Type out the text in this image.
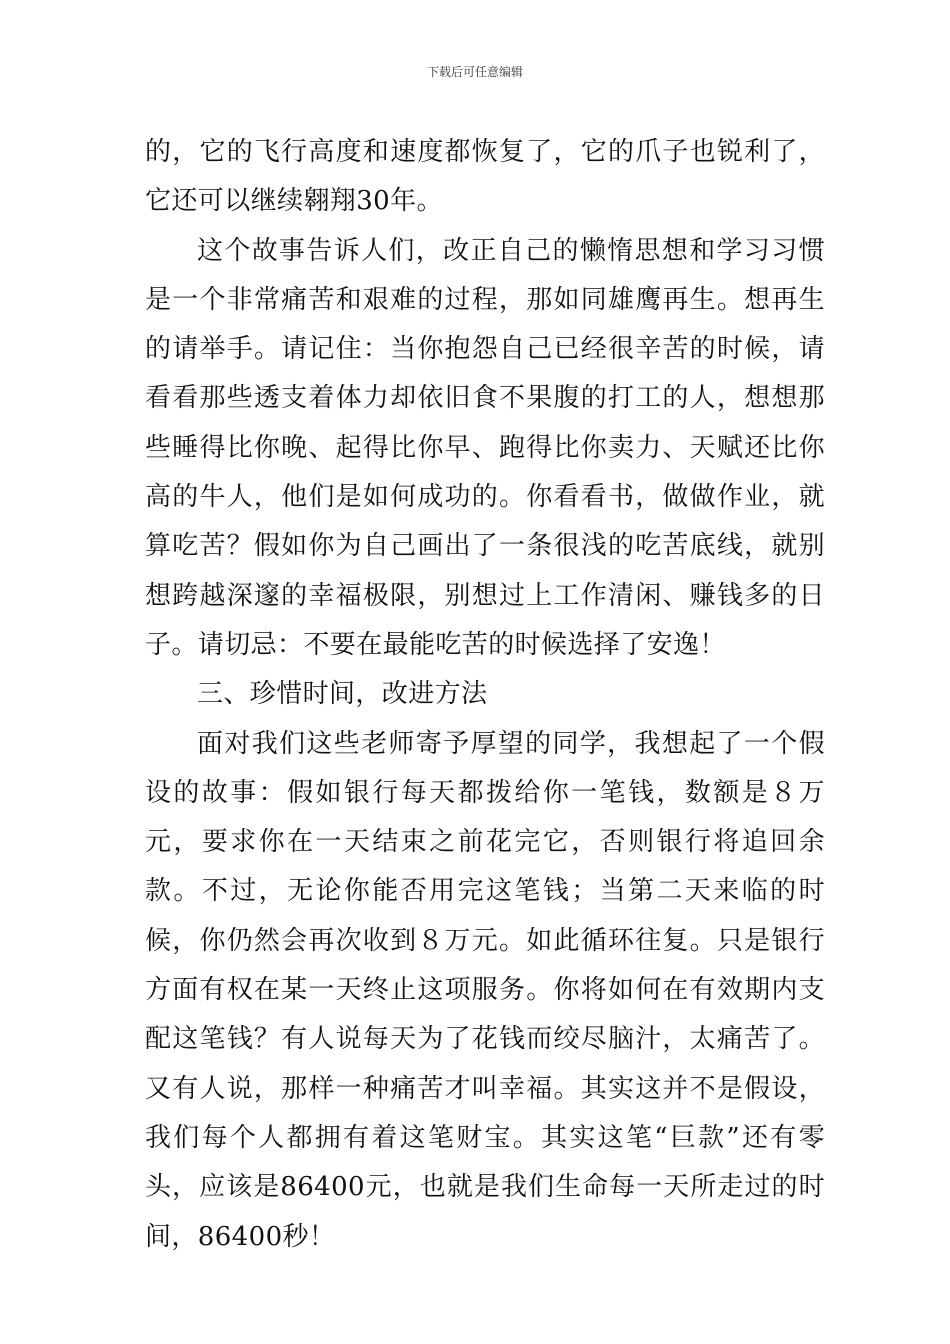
下载后可任意编辑

的，它的飞行高度和速度都恢复了，它的爪子也锐利了，它还可以继续翱翔30年。

这个故事告诉人们，改正自己的懒惰思想和学习习惯是一个非常痛苦和艰难的过程，那如同雄鹰再生。想再生的请举手。请记住：当你抱怨自己已经很辛苦的时候，请看看那些透支着体力却依旧食不果腹的打工的人，想想那些睡得比你晚、起得比你早、跑得比你卖力、天赋还比你高的牛人，他们是如何成功的。你看看书，做做作业，就算吃苦？假如你为自己画出了一条很浅的吃苦底线，就别想跨越深邃的幸福极限，别想过上工作清闲、赚钱多的日子。请切忌：不要在最能吃苦的时候选择了安逸！

三、珍惜时间，改进方法

面对我们这些老师寄予厚望的同学，我想起了一个假设的故事：假如银行每天都拨给你一笔钱，数额是８万元，要求你在一天结束之前花完它，否则银行将追回余款。不过，无论你能否用完这笔钱；当第二天来临的时候，你仍然会再次收到８万元。如此循环往复。只是银行方面有权在某一天终止这项服务。你将如何在有效期内支配这笔钱？有人说每天为了花钱而绞尽脑汁，太痛苦了。又有人说，那样一种痛苦才叫幸福。其实这并不是假设，我们每个人都拥有着这笔财宝。其实这笔“巨款”还有零头，应该是86400元，也就是我们生命每一天所走过的时间，86400秒！
